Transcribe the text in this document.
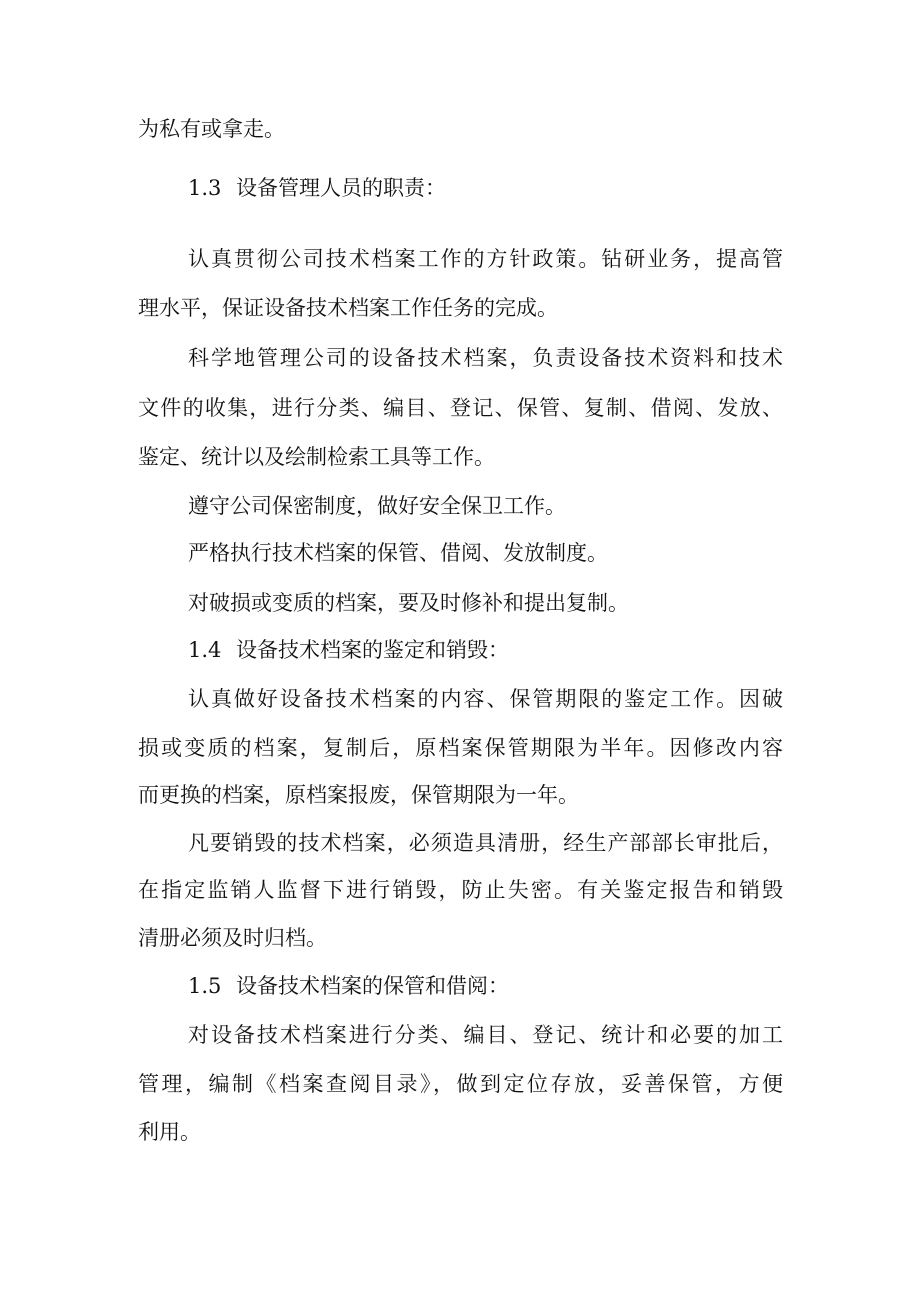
为私有或拿走。
1.3 设备管理人员的职责：
认真贯彻公司技术档案工作的方针政策。钻研业务，提高管
理水平，保证设备技术档案工作任务的完成。
科学地管理公司的设备技术档案，负责设备技术资料和技术
文件的收集，进行分类、编目、登记、保管、复制、借阅、发放、
鉴定、统计以及绘制检索工具等工作。
遵守公司保密制度，做好安全保卫工作。
严格执行技术档案的保管、借阅、发放制度。
对破损或变质的档案，要及时修补和提出复制。
1.4 设备技术档案的鉴定和销毁：
认真做好设备技术档案的内容、保管期限的鉴定工作。因破
损或变质的档案，复制后，原档案保管期限为半年。因修改内容
而更换的档案，原档案报废，保管期限为一年。
凡要销毁的技术档案，必须造具清册，经生产部部长审批后，
在指定监销人监督下进行销毁，防止失密。有关鉴定报告和销毁
清册必须及时归档。
1.5 设备技术档案的保管和借阅：
对设备技术档案进行分类、编目、登记、统计和必要的加工
管理，编制《档案查阅目录》，做到定位存放，妥善保管，方便
利用。
